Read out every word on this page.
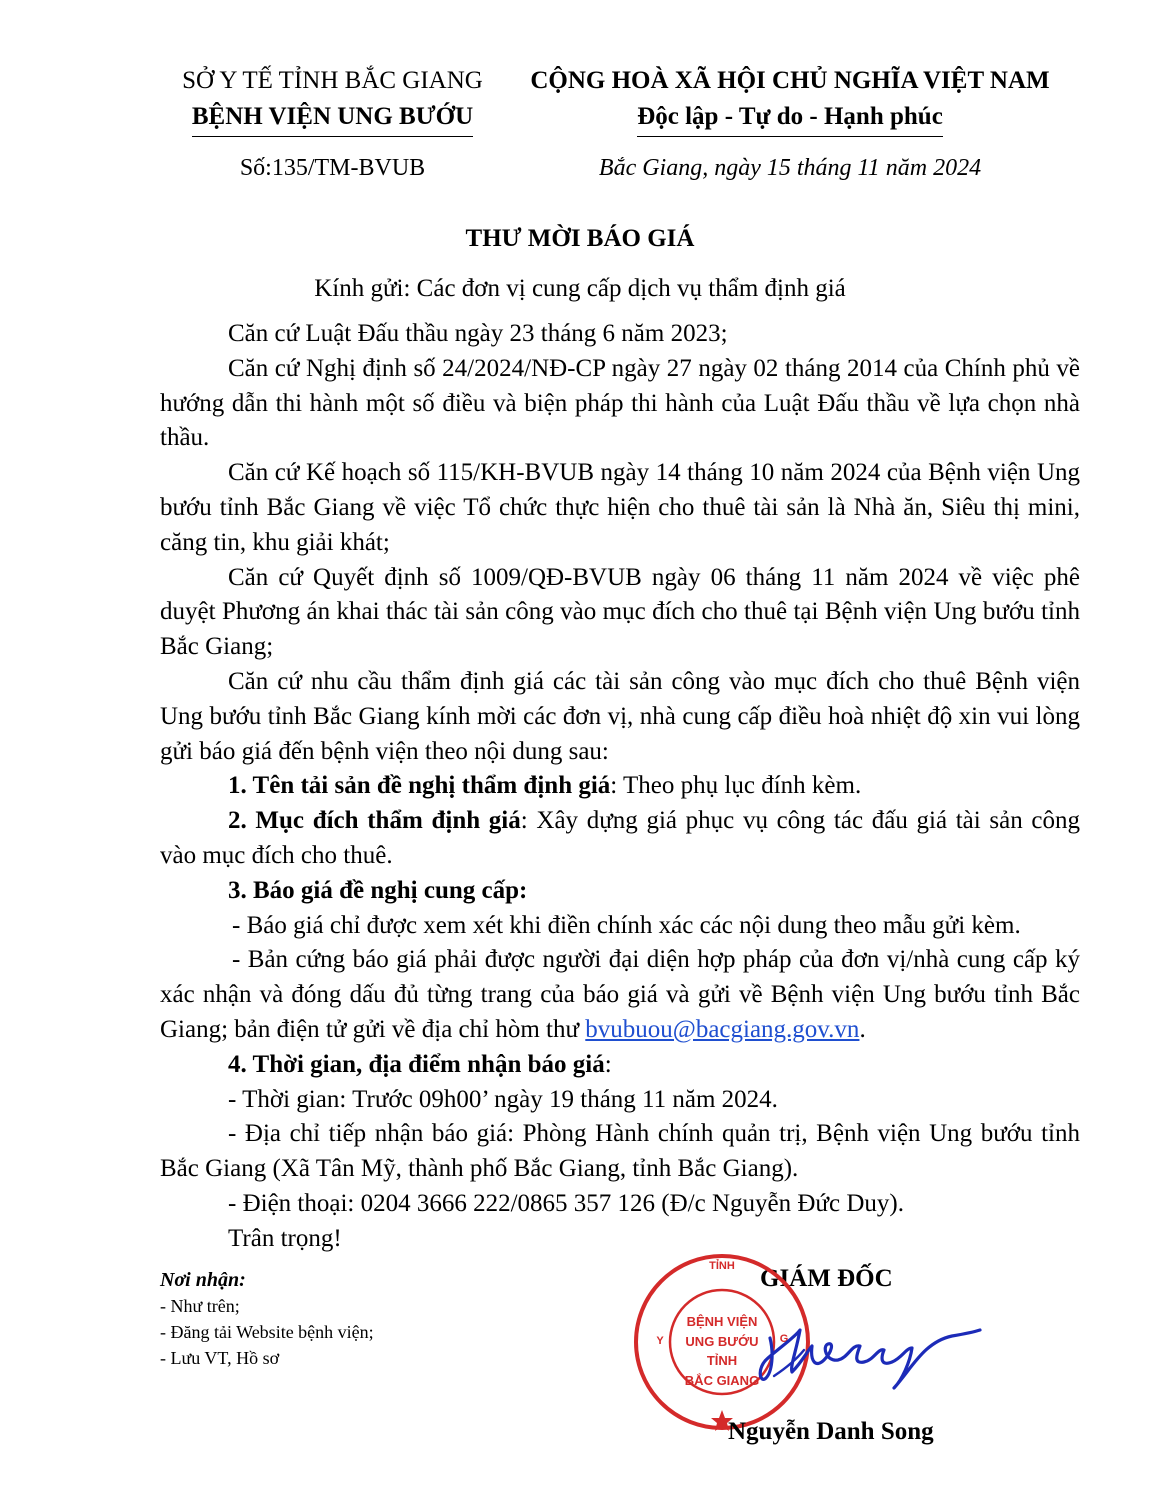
SỞ Y TẾ TỈNH BẮC GIANG
BỆNH VIỆN UNG BƯỚU
Số:135/TM-BVUB
CỘNG HOÀ XÃ HỘI CHỦ NGHĨA VIỆT NAM
Độc lập - Tự do - Hạnh phúc
Bắc Giang, ngày 15 tháng 11 năm 2024
THƯ MỜI BÁO GIÁ
Kính gửi: Các đơn vị cung cấp dịch vụ thẩm định giá

Căn cứ Luật Đấu thầu ngày 23 tháng 6 năm 2023;

Căn cứ Nghị định số 24/2024/NĐ-CP ngày 27 ngày 02 tháng 2014 của Chính phủ về hướng dẫn thi hành một số điều và biện pháp thi hành của Luật Đấu thầu về lựa chọn nhà thầu.

Căn cứ Kế hoạch số 115/KH-BVUB ngày 14 tháng 10 năm 2024 của Bệnh viện Ung bướu tỉnh Bắc Giang về việc Tổ chức thực hiện cho thuê tài sản là Nhà ăn, Siêu thị mini, căng tin, khu giải khát;

Căn cứ Quyết định số 1009/QĐ-BVUB ngày 06 tháng 11 năm 2024 về việc phê duyệt Phương án khai thác tài sản công vào mục đích cho thuê tại Bệnh viện Ung bướu tỉnh Bắc Giang;

Căn cứ nhu cầu thẩm định giá các tài sản công vào mục đích cho thuê Bệnh viện Ung bướu tỉnh Bắc Giang kính mời các đơn vị, nhà cung cấp điều hoà nhiệt độ xin vui lòng gửi báo giá đến bệnh viện theo nội dung sau:

1. Tên tải sản đề nghị thẩm định giá: Theo phụ lục đính kèm.

2. Mục đích thẩm định giá: Xây dựng giá phục vụ công tác đấu giá tài sản công vào mục đích cho thuê.

3. Báo giá đề nghị cung cấp:

- Báo giá chỉ được xem xét khi điền chính xác các nội dung theo mẫu gửi kèm.

- Bản cứng báo giá phải được người đại diện hợp pháp của đơn vị/nhà cung cấp ký xác nhận và đóng dấu đủ từng trang của báo giá và gửi về Bệnh viện Ung bướu tỉnh Bắc Giang; bản điện tử gửi về địa chỉ hòm thư bvubuou@bacgiang.gov.vn.

4. Thời gian, địa điểm nhận báo giá:

- Thời gian: Trước 09h00’ ngày 19 tháng 11 năm 2024.

- Địa chỉ tiếp nhận báo giá: Phòng Hành chính quản trị, Bệnh viện Ung bướu tỉnh Bắc Giang (Xã Tân Mỹ, thành phố Bắc Giang, tỉnh Bắc Giang).

- Điện thoại: 0204 3666 222/0865 357 126 (Đ/c Nguyễn Đức Duy).

Trân trọng!

Nơi nhận:
- Như trên;
- Đăng tải Website bệnh viện;
- Lưu VT, Hồ sơ
GIÁM ĐỐC
TỈNH
Y	G
BỆNH VIỆN
UNG BƯỚU
TỈNH
BẮC GIANG
Nguyễn Danh Song
